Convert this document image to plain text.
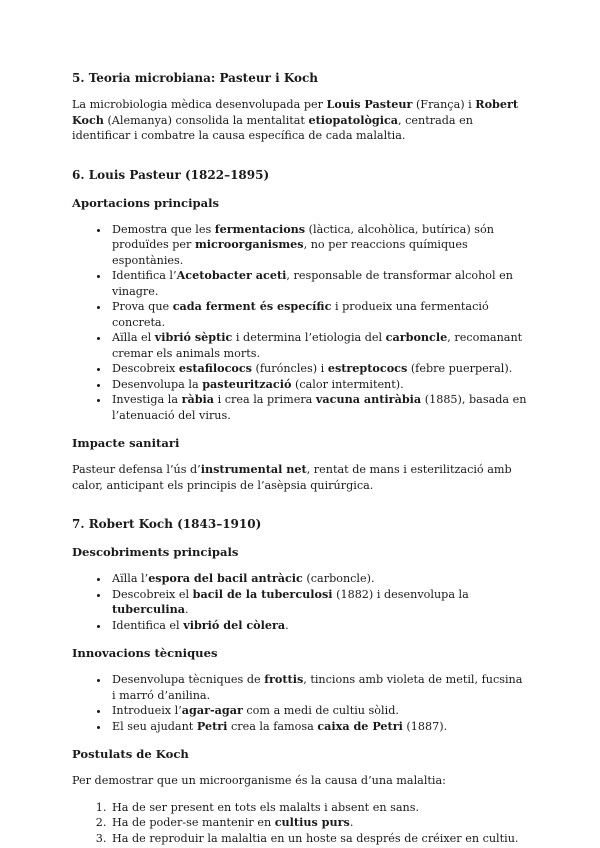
5. Teoria microbiana: Pasteur i Koch

La microbiologia mèdica desenvolupada per Louis Pasteur (França) i Robert Koch (Alemanya) consolida la mentalitat etiopatològica, centrada en identificar i combatre la causa específica de cada malaltia.

6. Louis Pasteur (1822–1895)
Aportacions principals
• Demostra que les fermentacions (làctica, alcohòlica, butírica) són produïdes per microorganismes, no per reaccions químiques espontànies.
• Identifica l’Acetobacter aceti, responsable de transformar alcohol en vinagre.
• Prova que cada ferment és específic i produeix una fermentació concreta.
• Aïlla el vibrió sèptic i determina l’etiologia del carboncle, recomanant cremar els animals morts.
• Descobreix estafilococs (furóncles) i estreptococs (febre puerperal).
• Desenvolupa la pasteurització (calor intermitent).
• Investiga la ràbia i crea la primera vacuna antiràbia (1885), basada en l’atenuació del virus.
Impacte sanitari

Pasteur defensa l’ús d’instrumental net, rentat de mans i esterilització amb calor, anticipant els principis de l’asèpsia quirúrgica.

7. Robert Koch (1843–1910)
Descobriments principals
• Aïlla l’espora del bacil antràcic (carboncle).
• Descobreix el bacil de la tuberculosi (1882) i desenvolupa la tuberculina.
• Identifica el vibrió del còlera.
Innovacions tècniques
• Desenvolupa tècniques de frottis, tincions amb violeta de metil, fucsina i marró d’anilina.
• Introdueix l’agar-agar com a medi de cultiu sòlid.
• El seu ajudant Petri crea la famosa caixa de Petri (1887).
Postulats de Koch

Per demostrar que un microorganisme és la causa d’una malaltia:

1. Ha de ser present en tots els malalts i absent en sans.
2. Ha de poder-se mantenir en cultius purs.
3. Ha de reproduir la malaltia en un hoste sa després de créixer en cultiu.
